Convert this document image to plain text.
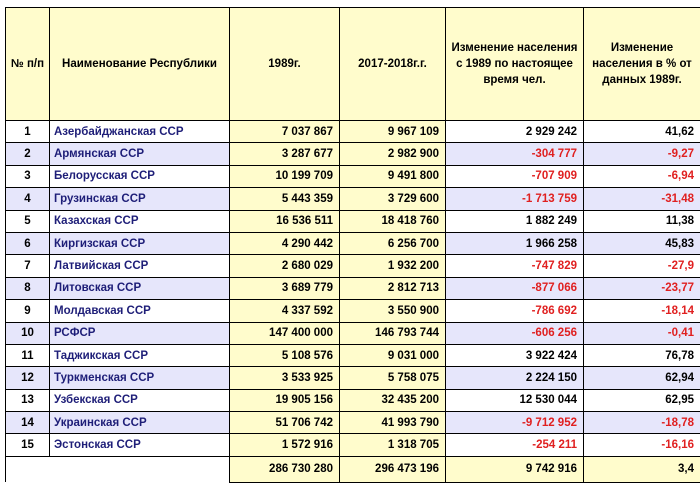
№ п/п	Наименование Республики	1989г.	2017-2018г.г.	Изменение населения с 1989 по настоящее время чел.	Изменение населения в % от данных 1989г.
1	Азербайджанская ССР	7 037 867	9 967 109	2 929 242	41,62
2	Армянская ССР	3 287 677	2 982 900	-304 777	-9,27
3	Белорусская ССР	10 199 709	9 491 800	-707 909	-6,94
4	Грузинская ССР	5 443 359	3 729 600	-1 713 759	-31,48
5	Казахская ССР	16 536 511	18 418 760	1 882 249	11,38
6	Киргизская ССР	4 290 442	6 256 700	1 966 258	45,83
7	Латвийская ССР	2 680 029	1 932 200	-747 829	-27,9
8	Литовская ССР	3 689 779	2 812 713	-877 066	-23,77
9	Молдавская ССР	4 337 592	3 550 900	-786 692	-18,14
10	РСФСР	147 400 000	146 793 744	-606 256	-0,41
11	Таджикская ССР	5 108 576	9 031 000	3 922 424	76,78
12	Туркменская ССР	3 533 925	5 758 075	2 224 150	62,94
13	Узбекская ССР	19 905 156	32 435 200	12 530 044	62,95
14	Украинская ССР	51 706 742	41 993 790	-9 712 952	-18,78
15	Эстонская ССР	1 572 916	1 318 705	-254 211	-16,16
		286 730 280	296 473 196	9 742 916	3,4
